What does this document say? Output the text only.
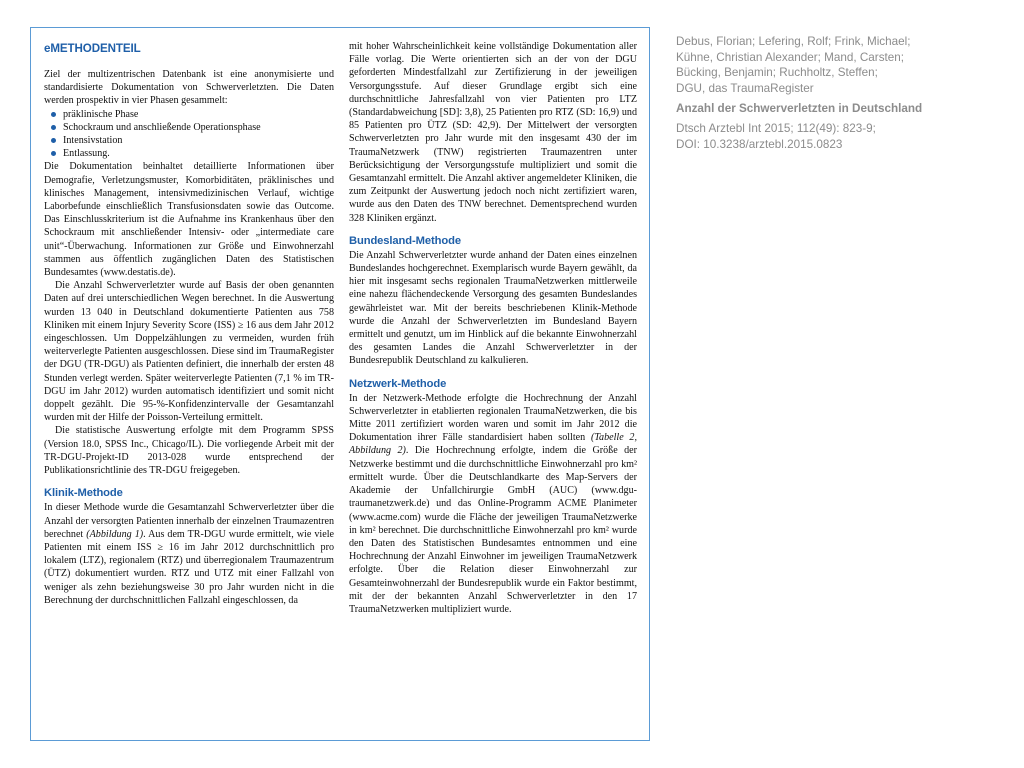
eMETHODENTEIL

Ziel der multizentrischen Datenbank ist eine anonymisierte und standardisierte Dokumentation von Schwerverletzten. Die Daten werden prospektiv in vier Phasen gesammelt:

präklinische Phase
Schockraum und anschließende Operationsphase
Intensivstation
Entlassung.

Die Dokumentation beinhaltet detaillierte Informationen über Demografie, Verletzungsmuster, Komorbiditäten, präklinisches und klinisches Management, intensivmedizinischen Verlauf, wichtige Laborbefunde einschließlich Transfusionsdaten sowie das Outcome. Das Einschlusskriterium ist die Aufnahme ins Krankenhaus über den Schockraum mit anschließender Intensiv- oder „intermediate care unit“-Überwachung. Informationen zur Größe und Einwohnerzahl stammen aus öffentlich zugänglichen Daten des Statistischen Bundesamtes (www.destatis.de).

Die Anzahl Schwerverletzter wurde auf Basis der oben genannten Daten auf drei unterschiedlichen Wegen berechnet. In die Auswertung wurden 13 040 in Deutschland dokumentierte Patienten aus 758 Kliniken mit einem Injury Severity Score (ISS) ≥ 16 aus dem Jahr 2012 eingeschlossen. Um Doppelzählungen zu vermeiden, wurden früh weiterverlegte Patienten ausgeschlossen. Diese sind im TraumaRegister der DGU (TR-DGU) als Patienten definiert, die innerhalb der ersten 48 Stunden verlegt werden. Später weiterverlegte Patienten (7,1 % im TR-DGU im Jahr 2012) wurden automatisch identifiziert und somit nicht doppelt gezählt. Die 95-%-Konfidenzintervalle der Gesamtanzahl wurden mit der Hilfe der Poisson-Verteilung ermittelt.

Die statistische Auswertung erfolgte mit dem Programm SPSS (Version 18.0, SPSS Inc., Chicago/IL). Die vorliegende Arbeit mit der TR-DGU-Projekt-ID 2013-028 wurde entsprechend der Publikationsrichtlinie des TR-DGU freigegeben.

Klinik-Methode

In dieser Methode wurde die Gesamtanzahl Schwerverletzter über die Anzahl der versorgten Patienten innerhalb der einzelnen Traumazentren berechnet (Abbildung 1). Aus dem TR-DGU wurde ermittelt, wie viele Patienten mit einem ISS ≥ 16 im Jahr 2012 durchschnittlich pro lokalem (LTZ), regionalem (RTZ) und überregionalem Traumazentrum (ÜTZ) dokumentiert wurden. RTZ und UTZ mit einer Fallzahl von weniger als zehn beziehungsweise 30 pro Jahr wurden nicht in die Berechnung der durchschnittlichen Fallzahl eingeschlossen, da

mit hoher Wahrscheinlichkeit keine vollständige Dokumentation aller Fälle vorlag. Die Werte orientierten sich an der von der DGU geforderten Mindestfallzahl zur Zertifizierung in der jeweiligen Versorgungsstufe. Auf dieser Grundlage ergibt sich eine durchschnittliche Jahresfallzahl von vier Patienten pro LTZ (Standardabweichung [SD]: 3,8), 25 Patienten pro RTZ (SD: 16,9) und 85 Patienten pro ÜTZ (SD: 42,9). Der Mittelwert der versorgten Schwerverletzten pro Jahr wurde mit den insgesamt 430 der im TraumaNetzwerk (TNW) registrierten Traumazentren unter Berücksichtigung der Versorgungsstufe multipliziert und somit die Gesamtanzahl ermittelt. Die Anzahl aktiver angemeldeter Kliniken, die zum Zeitpunkt der Auswertung jedoch noch nicht zertifiziert waren, wurde aus den Daten des TNW berechnet. Dementsprechend wurden 328 Kliniken ergänzt.

Bundesland-Methode

Die Anzahl Schwerverletzter wurde anhand der Daten eines einzelnen Bundeslandes hochgerechnet. Exemplarisch wurde Bayern gewählt, da hier mit insgesamt sechs regionalen TraumaNetzwerken mittlerweile eine nahezu flächendeckende Versorgung des gesamten Bundeslandes gewährleistet war. Mit der bereits beschriebenen Klinik-Methode wurde die Anzahl der Schwerverletzten im Bundesland Bayern ermittelt und genutzt, um im Hinblick auf die bekannte Einwohnerzahl des gesamten Landes die Anzahl Schwerverletzter in der Bundesrepublik Deutschland zu kalkulieren.

Netzwerk-Methode

In der Netzwerk-Methode erfolgte die Hochrechnung der Anzahl Schwerverletzter in etablierten regionalen TraumaNetzwerken, die bis Mitte 2011 zertifiziert worden waren und somit im Jahr 2012 die Dokumentation ihrer Fälle standardisiert haben sollten (Tabelle 2, Abbildung 2). Die Hochrechnung erfolgte, indem die Größe der Netzwerke bestimmt und die durchschnittliche Einwohnerzahl pro km² ermittelt wurde. Über die Deutschlandkarte des Map-Servers der Akademie der Unfallchirurgie GmbH (AUC) (www.dgu-traumanetzwerk.de) und das Online-Programm ACME Planimeter (www.acme.com) wurde die Fläche der jeweiligen TraumaNetzwerke in km² berechnet. Die durchschnittliche Einwohnerzahl pro km² wurde den Daten des Statistischen Bundesamtes entnommen und eine Hochrechnung der Anzahl Einwohner im jeweiligen TraumaNetzwerk erfolgte. Über die Relation dieser Einwohnerzahl zur Gesamteinwohnerzahl der Bundesrepublik wurde ein Faktor bestimmt, mit der der bekannten Anzahl Schwerverletzter in den 17 TraumaNetzwerken multipliziert wurde.

Debus, Florian; Lefering, Rolf; Frink, Michael;
Kühne, Christian Alexander; Mand, Carsten;
Bücking, Benjamin; Ruchholtz, Steffen;
DGU, das TraumaRegister
Anzahl der Schwerverletzten in Deutschland
Dtsch Arztebl Int 2015; 112(49): 823-9;
DOI: 10.3238/arztebl.2015.0823
